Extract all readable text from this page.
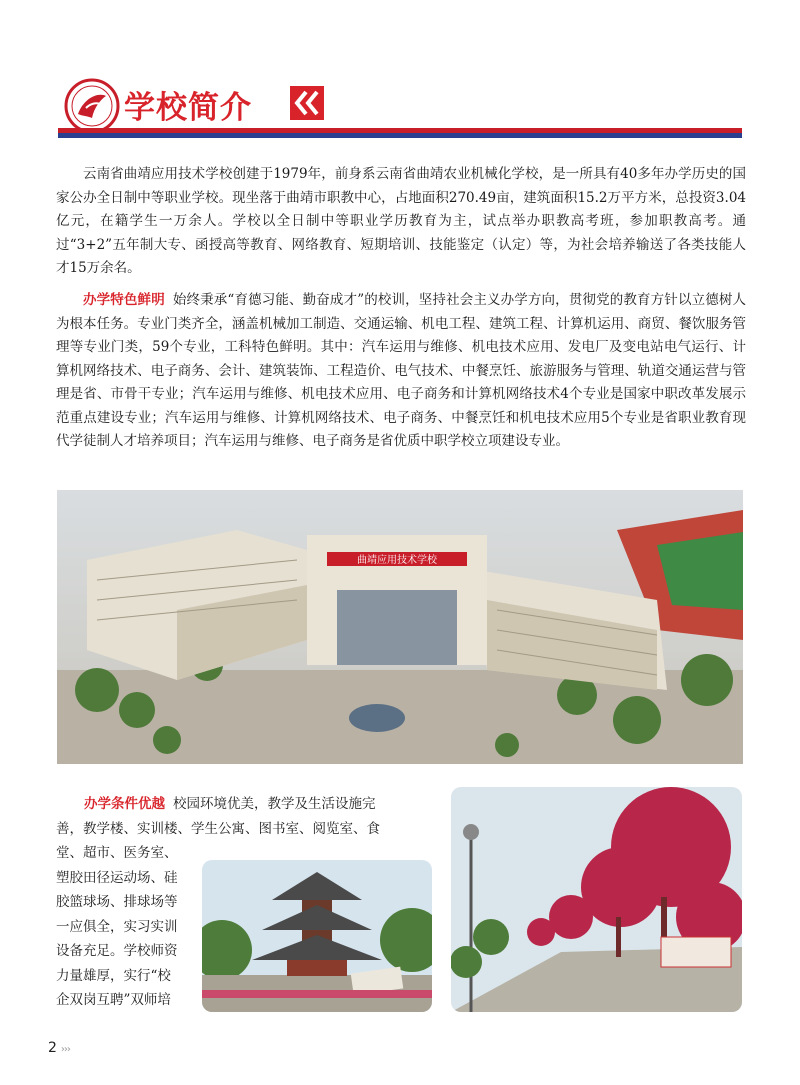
学校简介

云南省曲靖应用技术学校创建于1979年，前身系云南省曲靖农业机械化学校，是一所具有40多年办学历史的国家公办全日制中等职业学校。现坐落于曲靖市职教中心，占地面积270.49亩，建筑面积15.2万平方米，总投资3.04亿元，在籍学生一万余人。学校以全日制中等职业学历教育为主，试点举办职教高考班，参加职教高考。通过“3+2”五年制大专、函授高等教育、网络教育、短期培训、技能鉴定（认定）等，为社会培养输送了各类技能人才15万余名。

办学特色鲜明 始终秉承“育德习能、勤奋成才”的校训，坚持社会主义办学方向，贯彻党的教育方针以立德树人为根本任务。专业门类齐全，涵盖机械加工制造、交通运输、机电工程、建筑工程、计算机运用、商贸、餐饮服务管理等专业门类，59个专业，工科特色鲜明。其中：汽车运用与维修、机电技术应用、发电厂及变电站电气运行、计算机网络技术、电子商务、会计、建筑装饰、工程造价、电气技术、中餐烹饪、旅游服务与管理、轨道交通运营与管理是省、市骨干专业；汽车运用与维修、机电技术应用、电子商务和计算机网络技术4个专业是国家中职改革发展示范重点建设专业；汽车运用与维修、计算机网络技术、电子商务、中餐烹饪和机电技术应用5个专业是省职业教育现代学徒制人才培养项目；汽车运用与维修、电子商务是省优质中职学校立项建设专业。

曲靖应用技术学校
办学条件优越 校园环境优美，教学及生活设施完
善，教学楼、实训楼、学生公寓、图书室、阅览室、食
堂、超市、医务室、
塑胶田径运动场、硅
胶篮球场、排球场等
一应俱全，实习实训
设备充足。学校师资
力量雄厚，实行“校
企双岗互聘”双师培
2 ›››
